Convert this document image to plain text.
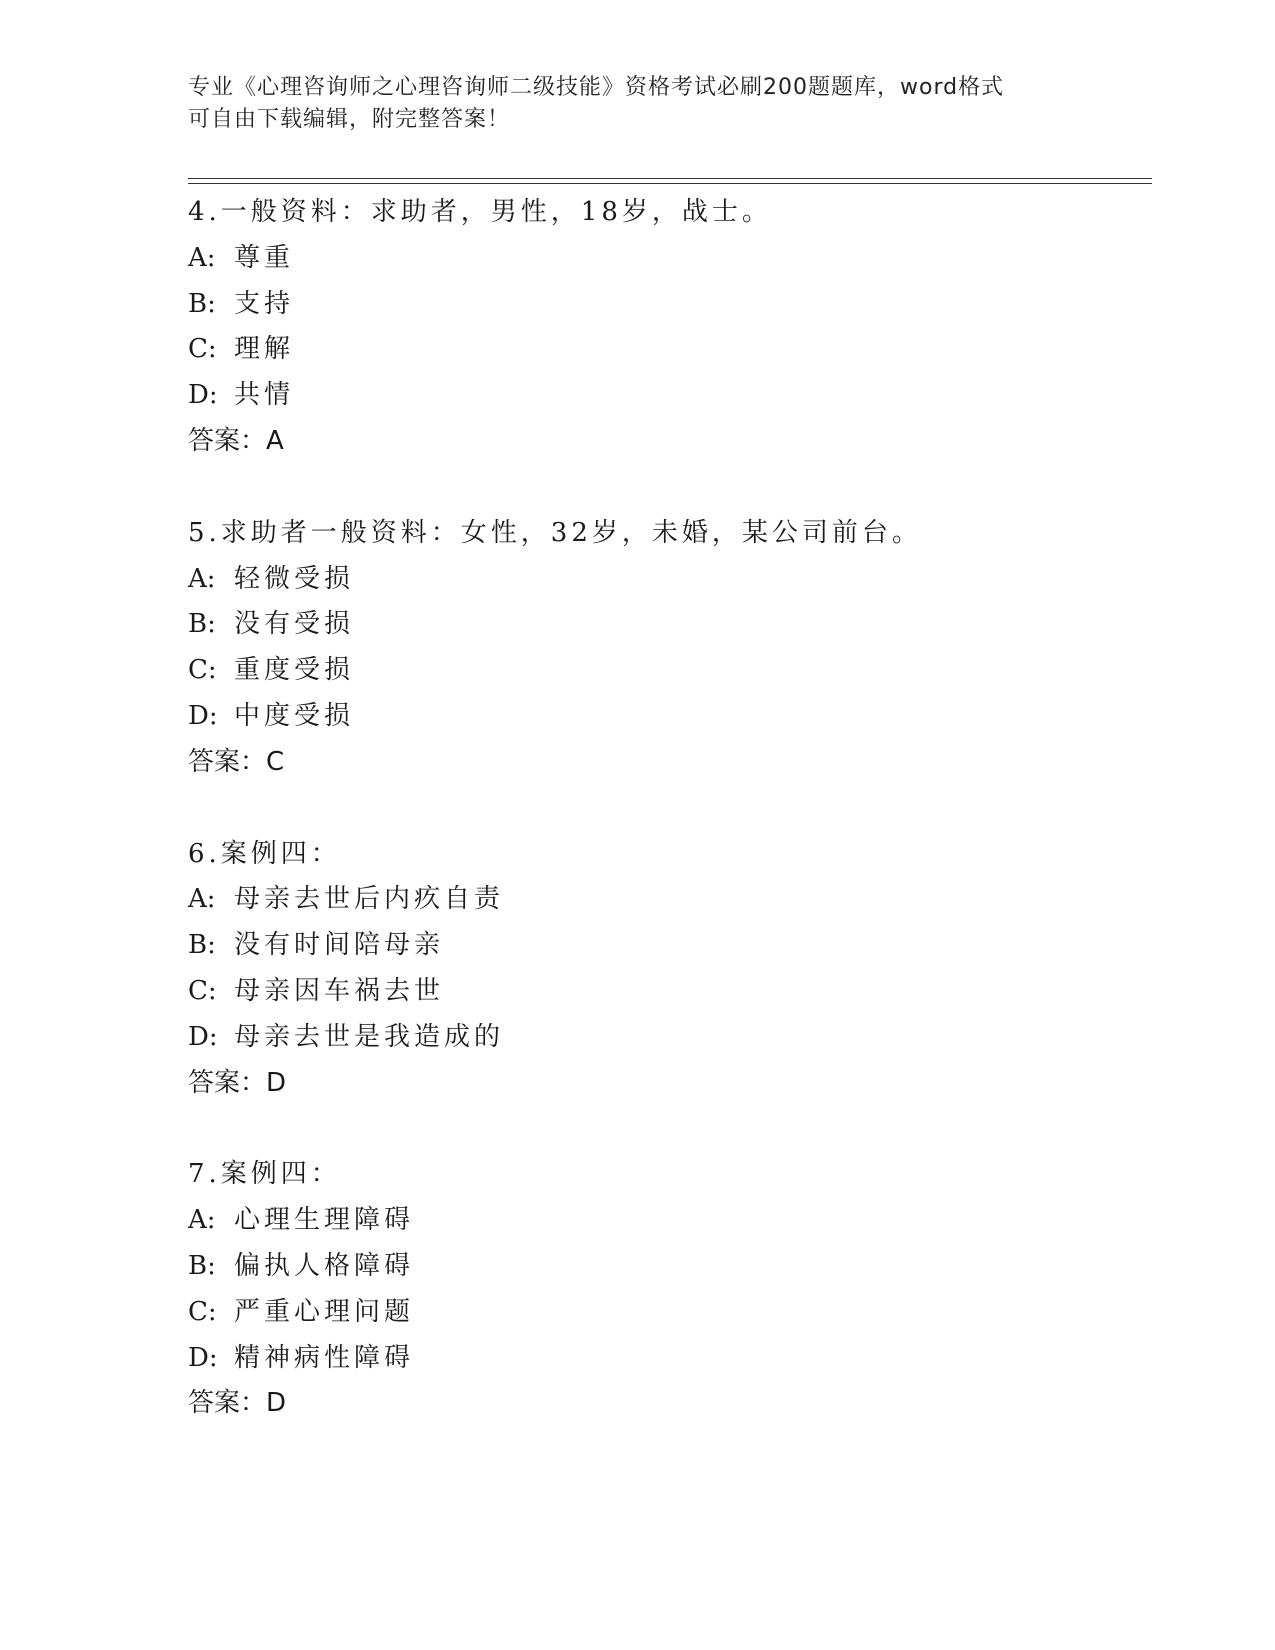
专业《心理咨询师之心理咨询师二级技能》资格考试必刷200题题库，word格式
可自由下载编辑，附完整答案！
4.一般资料：求助者，男性，18岁，战士。
A: 尊重
B: 支持
C: 理解
D: 共情
答案：A
5.求助者一般资料：女性，32岁，未婚，某公司前台。
A: 轻微受损
B: 没有受损
C: 重度受损
D: 中度受损
答案：C
6.案例四：
A: 母亲去世后内疚自责
B: 没有时间陪母亲
C: 母亲因车祸去世
D: 母亲去世是我造成的
答案：D
7.案例四：
A: 心理生理障碍
B: 偏执人格障碍
C: 严重心理问题
D: 精神病性障碍
答案：D
